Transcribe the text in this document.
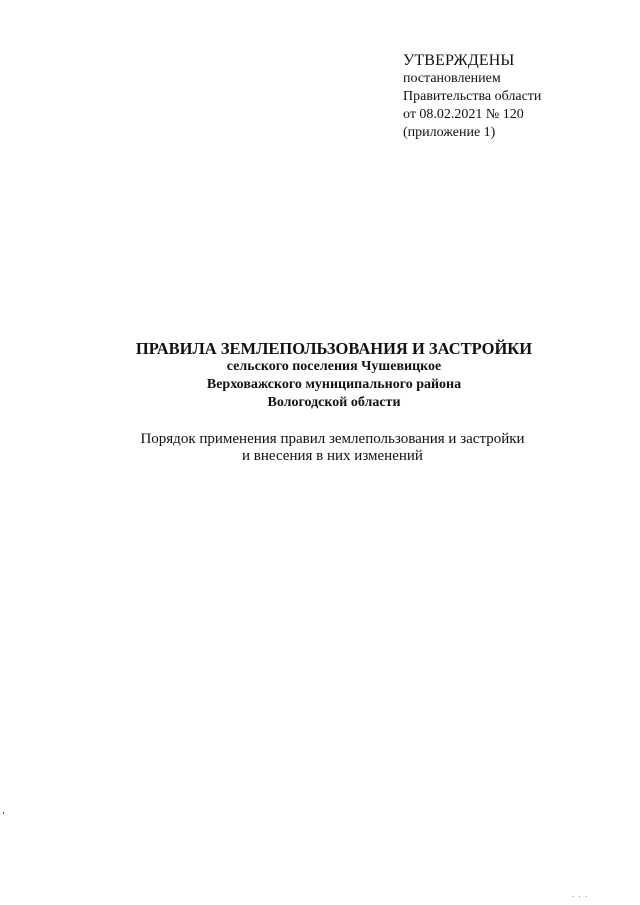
УТВЕРЖДЕНЫ
постановлением
Правительства области
от 08.02.2021 № 120
(приложение 1)
ПРАВИЛА ЗЕМЛЕПОЛЬЗОВАНИЯ И ЗАСТРОЙКИ
сельского поселения Чушевицкое
Верховажского муниципального района
Вологодской области
Порядок применения правил землепользования и застройки
и внесения в них изменений
· · ·
